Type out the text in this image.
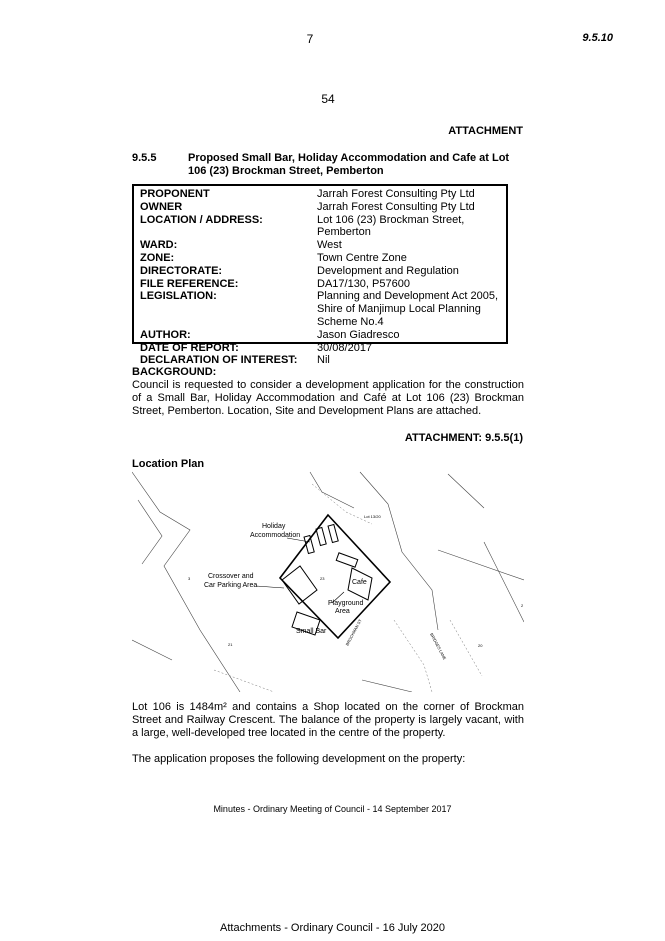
7	9.5.10
54
ATTACHMENT
9.5.5	Proposed Small Bar, Holiday Accommodation and Cafe at Lot 106 (23) Brockman Street, Pemberton
PROPONENT	Jarrah Forest Consulting Pty Ltd
OWNER	Jarrah Forest Consulting Pty Ltd
LOCATION / ADDRESS:	Lot 106 (23) Brockman Street, Pemberton
WARD:	West
ZONE:	Town Centre Zone
DIRECTORATE:	Development and Regulation
FILE REFERENCE:	DA17/130, P57600
LEGISLATION:	Planning and Development Act 2005, Shire of Manjimup Local Planning Scheme No.4
AUTHOR:	Jason Giadresco
DATE OF REPORT:	30/08/2017
DECLARATION OF INTEREST:	Nil
BACKGROUND:
Council is requested to consider a development application for the construction of a Small Bar, Holiday Accommodation and Café at Lot 106 (23) Brockman Street, Pemberton. Location, Site and Development Plans are attached.
ATTACHMENT: 9.5.5(1)
Location Plan
Holiday
Accommodation
Crossover and
Car Parking Area	Cafe
Playground
Area
Small Bar
23
Lot 13/20
3
2
21	20
BROCKMAN ST	BRIDGES LANE
Lot 106 is 1484m² and contains a Shop located on the corner of Brockman Street and Railway Crescent. The balance of the property is largely vacant, with a large, well-developed tree located in the centre of the property.
The application proposes the following development on the property:
Minutes - Ordinary Meeting of Council - 14 September 2017
Attachments - Ordinary Council - 16 July 2020
